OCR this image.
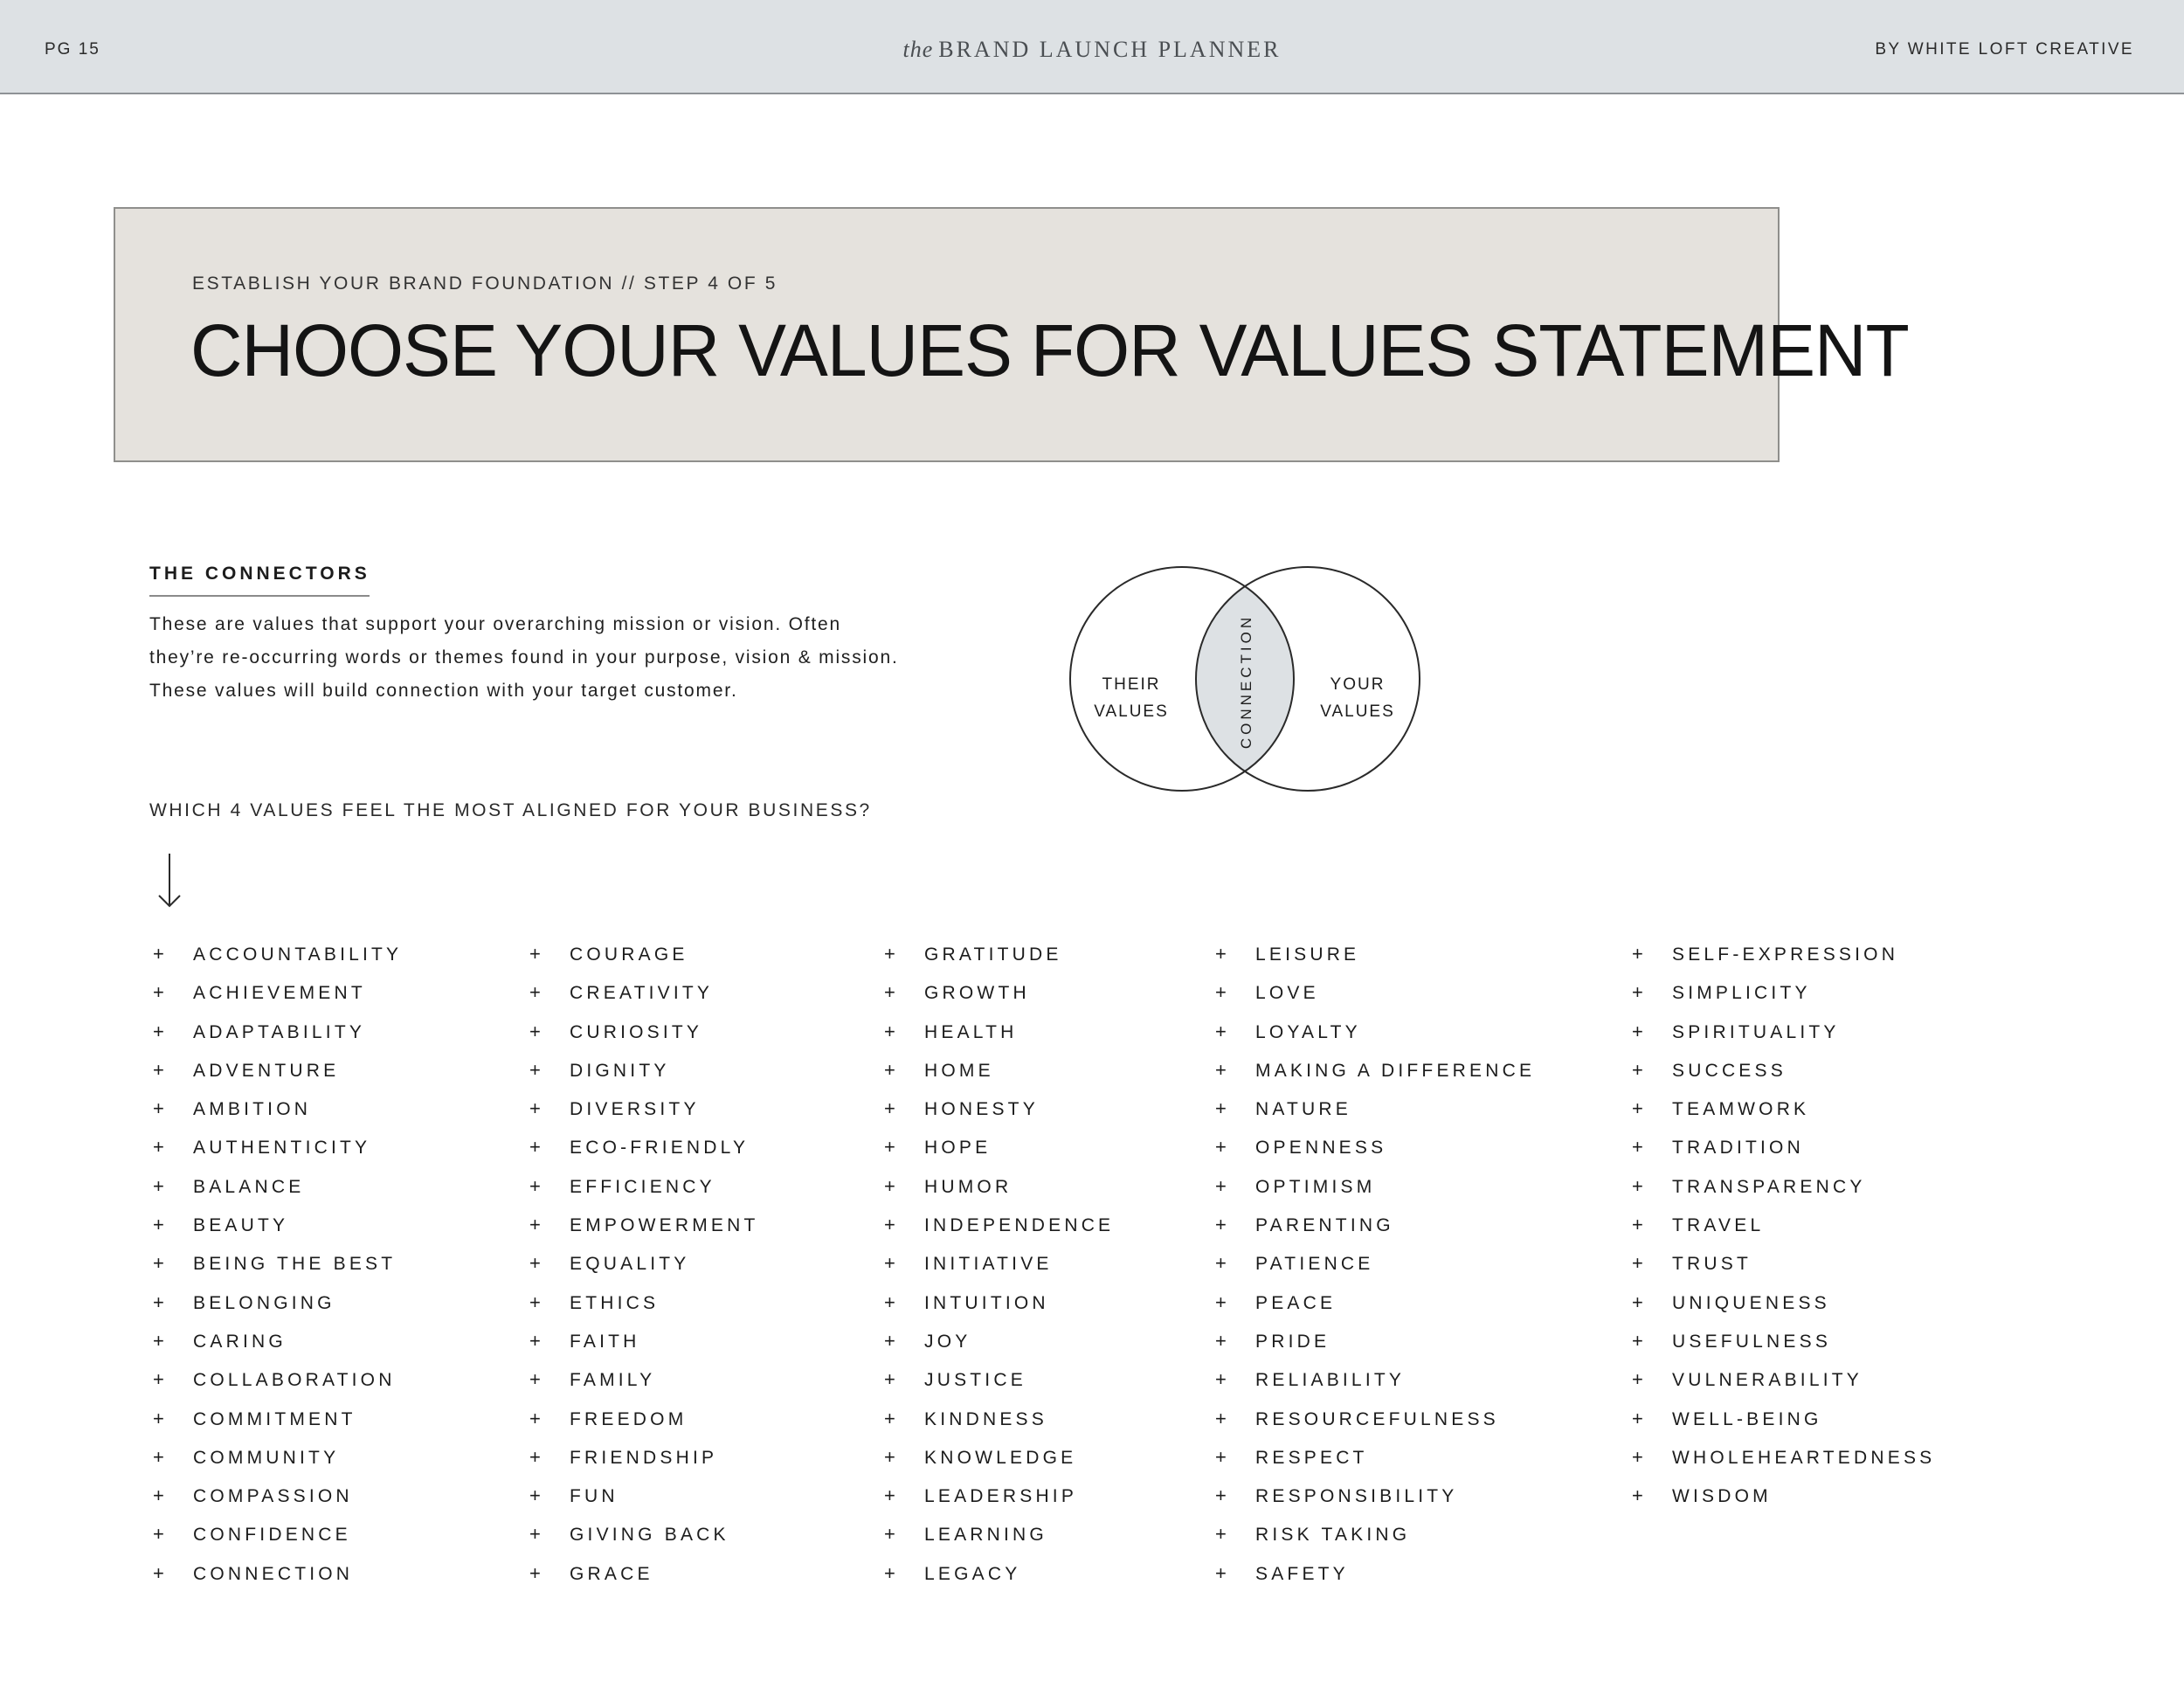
PG 15	the BRAND LAUNCH PLANNER	BY WHITE LOFT CREATIVE
ESTABLISH YOUR BRAND FOUNDATION // STEP 4 OF 5
CHOOSE YOUR VALUES FOR VALUES STATEMENT
THE CONNECTORS
These are values that support your overarching mission or vision. Often
they’re re-occurring words or themes found in your purpose, vision & mission.
These values will build connection with your target customer.	THEIR
VALUES
YOUR
VALUES
CONNECTION
WHICH 4 VALUES FEEL THE MOST ALIGNED FOR YOUR BUSINESS?
+ ACCOUNTABILITY
+ ACHIEVEMENT
+ ADAPTABILITY
+ ADVENTURE
+ AMBITION
+ AUTHENTICITY
+ BALANCE
+ BEAUTY
+ BEING THE BEST
+ BELONGING
+ CARING
+ COLLABORATION
+ COMMITMENT
+ COMMUNITY
+ COMPASSION
+ CONFIDENCE
+ CONNECTION
+ COURAGE
+ CREATIVITY
+ CURIOSITY
+ DIGNITY
+ DIVERSITY
+ ECO-FRIENDLY
+ EFFICIENCY
+ EMPOWERMENT
+ EQUALITY
+ ETHICS
+ FAITH
+ FAMILY
+ FREEDOM
+ FRIENDSHIP
+ FUN
+ GIVING BACK
+ GRACE
+ GRATITUDE
+ GROWTH
+ HEALTH
+ HOME
+ HONESTY
+ HOPE
+ HUMOR
+ INDEPENDENCE
+ INITIATIVE
+ INTUITION
+ JOY
+ JUSTICE
+ KINDNESS
+ KNOWLEDGE
+ LEADERSHIP
+ LEARNING
+ LEGACY
+ LEISURE
+ LOVE
+ LOYALTY
+ MAKING A DIFFERENCE
+ NATURE
+ OPENNESS
+ OPTIMISM
+ PARENTING
+ PATIENCE
+ PEACE
+ PRIDE
+ RELIABILITY
+ RESOURCEFULNESS
+ RESPECT
+ RESPONSIBILITY
+ RISK TAKING
+ SAFETY
+ SELF-EXPRESSION
+ SIMPLICITY
+ SPIRITUALITY
+ SUCCESS
+ TEAMWORK
+ TRADITION
+ TRANSPARENCY
+ TRAVEL
+ TRUST
+ UNIQUENESS
+ USEFULNESS
+ VULNERABILITY
+ WELL-BEING
+ WHOLEHEARTEDNESS
+ WISDOM
